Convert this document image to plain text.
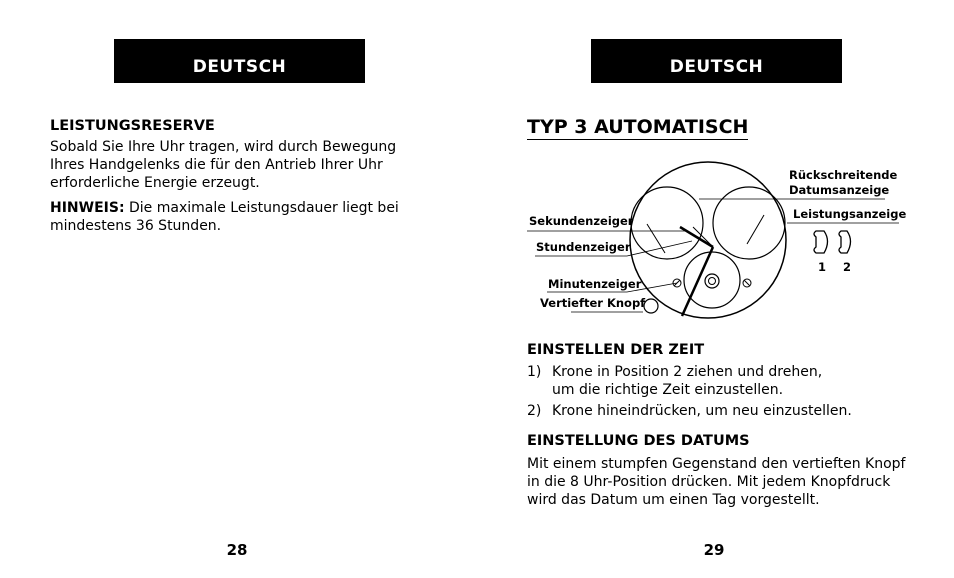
DEUTSCH
LEISTUNGSRESERVE

Sobald Sie Ihre Uhr tragen, wird durch Bewegung Ihres Handgelenks die für den Antrieb Ihrer Uhr erforderliche Energie erzeugt.

HINWEIS: Die maximale Leistungsdauer liegt bei mindestens 36 Stunden.

28
DEUTSCH
TYP 3 AUTOMATISCH
1 2
Sekundenzeiger
Stundenzeiger
Minutenzeiger
Vertiefter Knopf
Rückschreitende
Datumsanzeige
Leistungsanzeige
EINSTELLEN DER ZEIT
1) Krone in Position 2 ziehen und drehen,
um die richtige Zeit einzustellen.
2) Krone hineindrücken, um neu einzustellen.
EINSTELLUNG DES DATUMS

Mit einem stumpfen Gegenstand den vertieften Knopf
in die 8 Uhr-Position drücken. Mit jedem Knopfdruck
wird das Datum um einen Tag vorgestellt.

29
